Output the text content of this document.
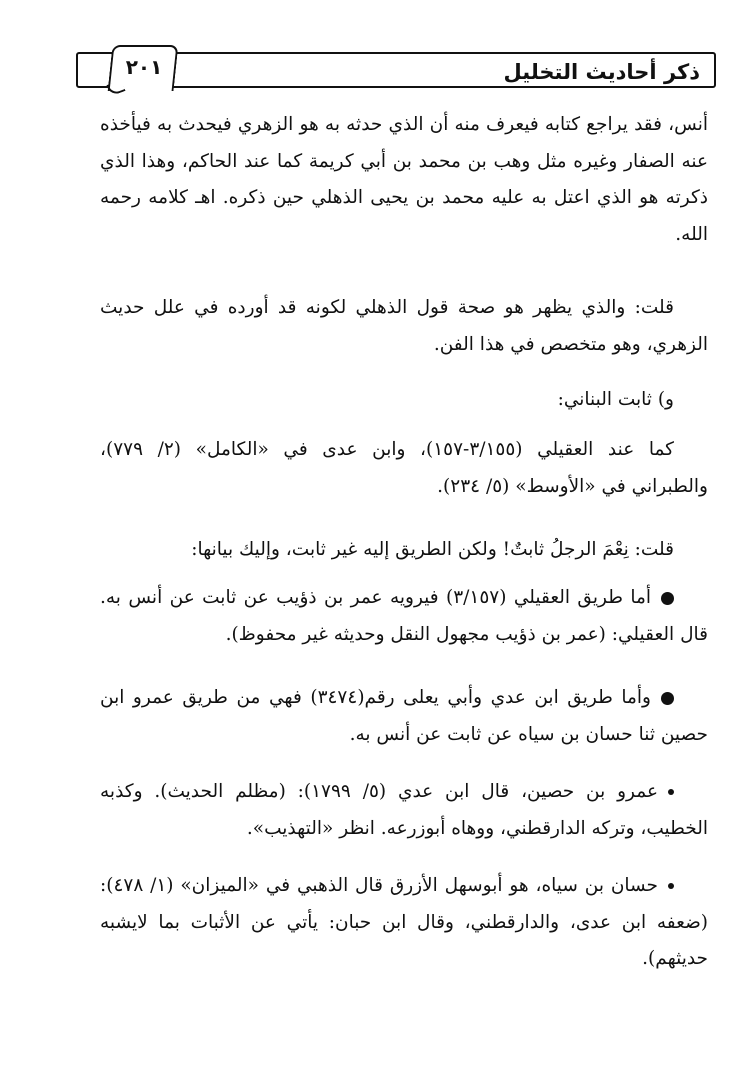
ذكر أحاديث التخليل
٢٠١

أنس، فقد يراجع كتابه فيعرف منه أن الذي حدثه به هو الزهري فيحدث به فيأخذه عنه الصفار وغيره مثل وهب بن محمد بن أبي كريمة كما عند الحاكم، وهذا الذي ذكرته هو الذي اعتل به عليه محمد بن يحيى الذهلي حين ذكره. اهـ كلامه رحمه الله.

قلت: والذي يظهر هو صحة قول الذهلي لكونه قد أورده في علل حديث الزهري، وهو متخصص في هذا الفن.

و) ثابت البناني:

كما عند العقيلي (٣/١٥٥-١٥٧)، وابن عدى في «الكامل» (٢/ ٧٧٩)، والطبراني في «الأوسط» (٥/ ٢٣٤).

قلت: نِعْمَ الرجلُ ثابتٌ! ولكن الطريق إليه غير ثابت، وإليك بيانها:

أما طريق العقيلي (٣/١٥٧) فيرويه عمر بن ذؤيب عن ثابت عن أنس به. قال العقيلي: (عمر بن ذؤيب مجهول النقل وحديثه غير محفوظ).
وأما طريق ابن عدي وأبي يعلى رقم(٣٤٧٤) فهي من طريق عمرو ابن حصين ثنا حسان بن سياه عن ثابت عن أنس به.
عمرو بن حصين، قال ابن عدي (٥/ ١٧٩٩): (مظلم الحديث). وكذبه الخطيب، وتركه الدارقطني، ووهاه أبوزرعه. انظر «التهذيب».
حسان بن سياه، هو أبوسهل الأزرق قال الذهبي في «الميزان» (١/ ٤٧٨): (ضعفه ابن عدى، والدارقطني، وقال ابن حبان: يأتي عن الأثبات بما لايشبه حديثهم).
